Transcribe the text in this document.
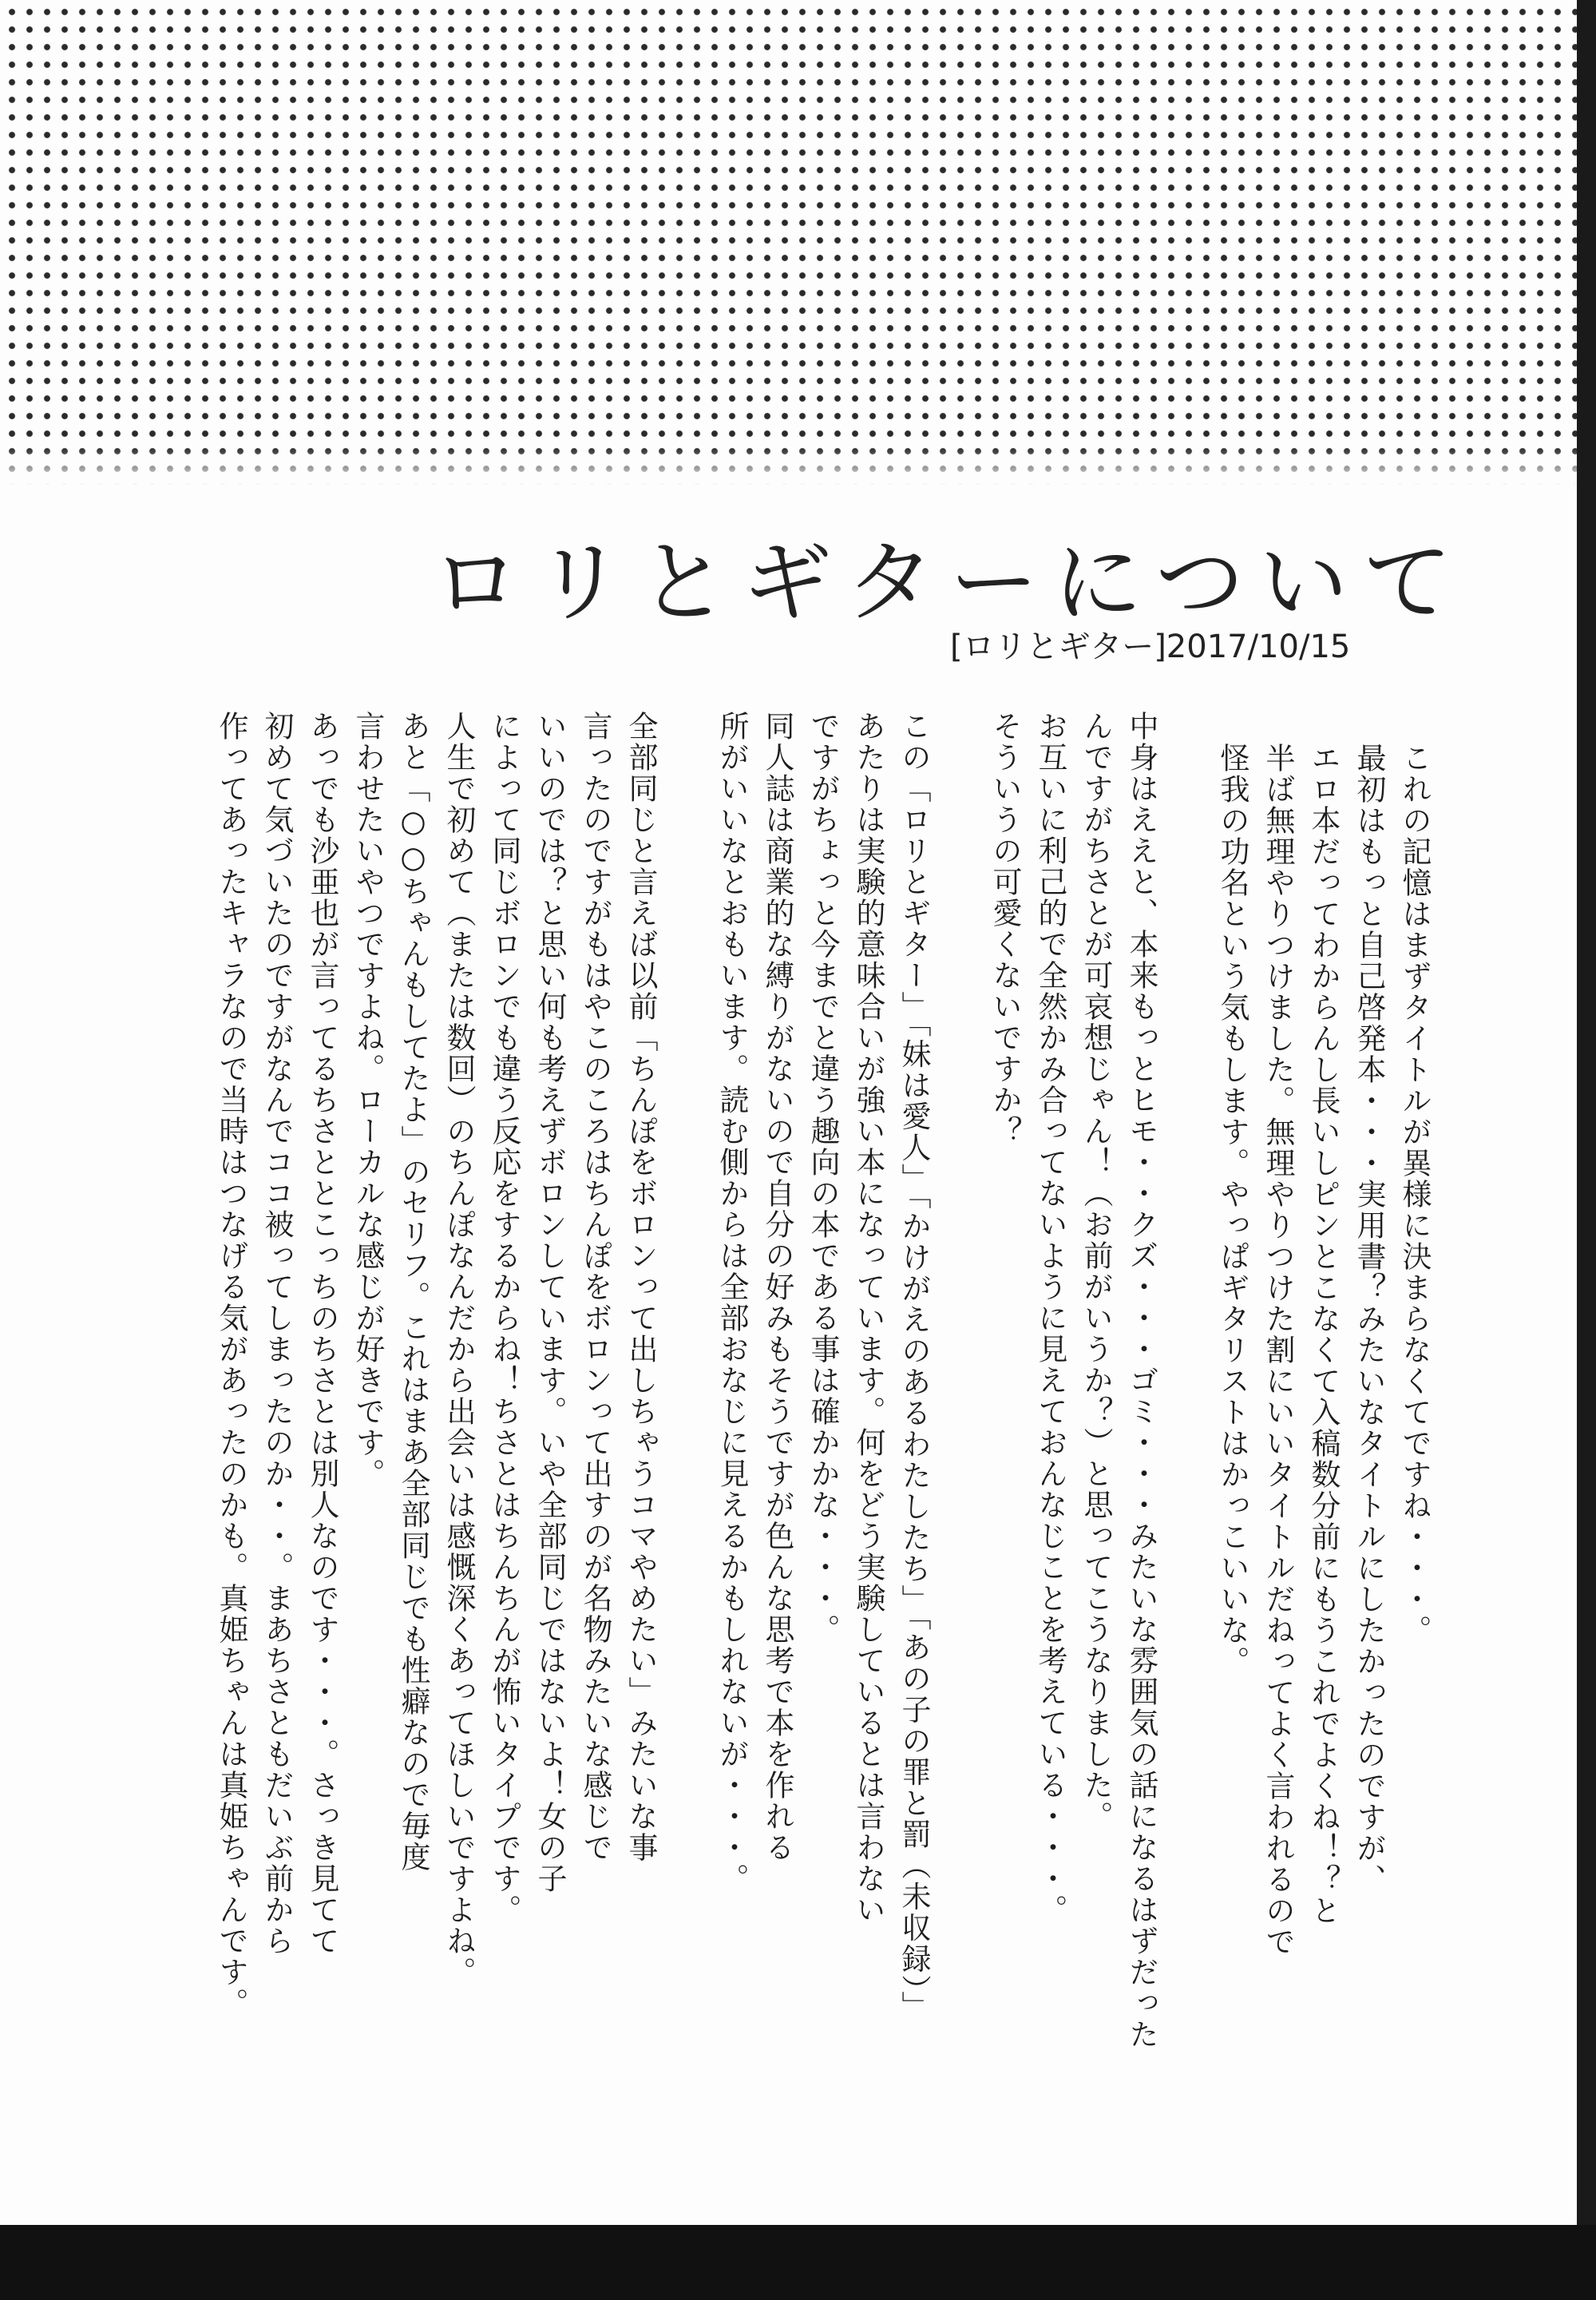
ロリとギターについて
[ロリとギター]2017/10/15

これの記憶はまずタイトルが異様に決まらなくてですね・・・。
最初はもっと自己啓発本・・・実用書？みたいなタイトルにしたかったのですが、
エロ本だってわからんし長いしピンとこなくて入稿数分前にもうこれでよくね！？と
半ば無理やりつけました。無理やりつけた割にいいタイトルだねってよく言われるので
怪我の功名という気もします。やっぱギタリストはかっこいいな。

中身はええと、本来もっとヒモ・・クズ・・・ゴミ・・・みたいな雰囲気の話になるはずだった
んですがちさとが可哀想じゃん！（お前がいうか？）と思ってこうなりました。
お互いに利己的で全然かみ合ってないように見えておんなじことを考えている・・・。
そういうの可愛くないですか？

この「ロリとギター」「妹は愛人」「かけがえのあるわたしたち」「あの子の罪と罰（未収録）」
あたりは実験的意味合いが強い本になっています。何をどう実験しているとは言わない
ですがちょっと今までと違う趣向の本である事は確かかな・・・。

同人誌は商業的な縛りがないので自分の好みもそうですが色んな思考で本を作れる
所がいいなとおもいます。読む側からは全部おなじに見えるかもしれないが・・・。

全部同じと言えば以前「ちんぽをボロンって出しちゃうコマやめたい」みたいな事
言ったのですがもはやこのころはちんぽをボロンって出すのが名物みたいな感じで
いいのでは？と思い何も考えずボロンしています。いや全部同じではないよ！女の子
によって同じボロンでも違う反応をするからね！ちさとはちんちんが怖いタイプです。
人生で初めて（または数回）のちんぽなんだから出会いは感慨深くあってほしいですよね。

あと「○○ちゃんもしてたよ」のセリフ。これはまあ全部同じでも性癖なので毎度
言わせたいやつですよね。ローカルな感じが好きです。

あっでも沙亜也が言ってるちさととこっちのちさとは別人なのです・・・。さっき見てて
初めて気づいたのですがなんでココ被ってしまったのか・・。まあちさともだいぶ前から
作ってあったキャラなので当時はつなげる気があったのかも。真姫ちゃんは真姫ちゃんです。
